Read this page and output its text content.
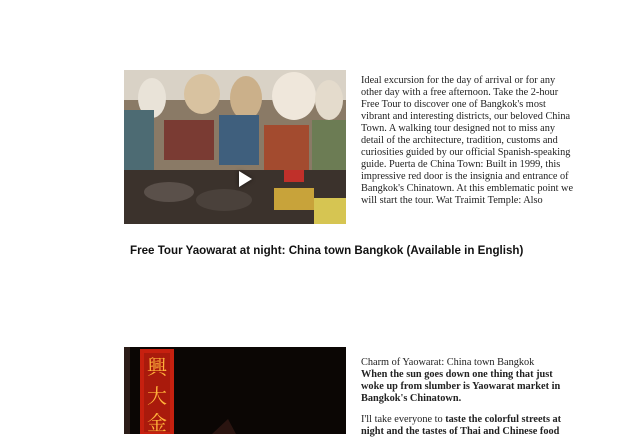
Ideal excursion for the day of arrival or for any other day with a free afternoon. Take the 2-hour Free Tour to discover one of Bangkok's most vibrant and interesting districts, our beloved China Town. A walking tour designed not to miss any detail of the architecture, tradition, customs and curiosities guided by our official Spanish-speaking guide. Puerta de China Town: Built in 1999, this impressive red door is the insignia and entrance of Bangkok's Chinatown. At this emblematic point we will start the tour. Wat Traimit Temple: Also
Free Tour Yaowarat at night: China town Bangkok (Available in English)
興
大
金

Charm of Yaowarat: China town Bangkok
When the sun goes down one thing that just woke up from slumber is Yaowarat market in Bangkok's Chinatown.

I'll take everyone to taste the colorful streets at night and the tastes of Thai and Chinese food
